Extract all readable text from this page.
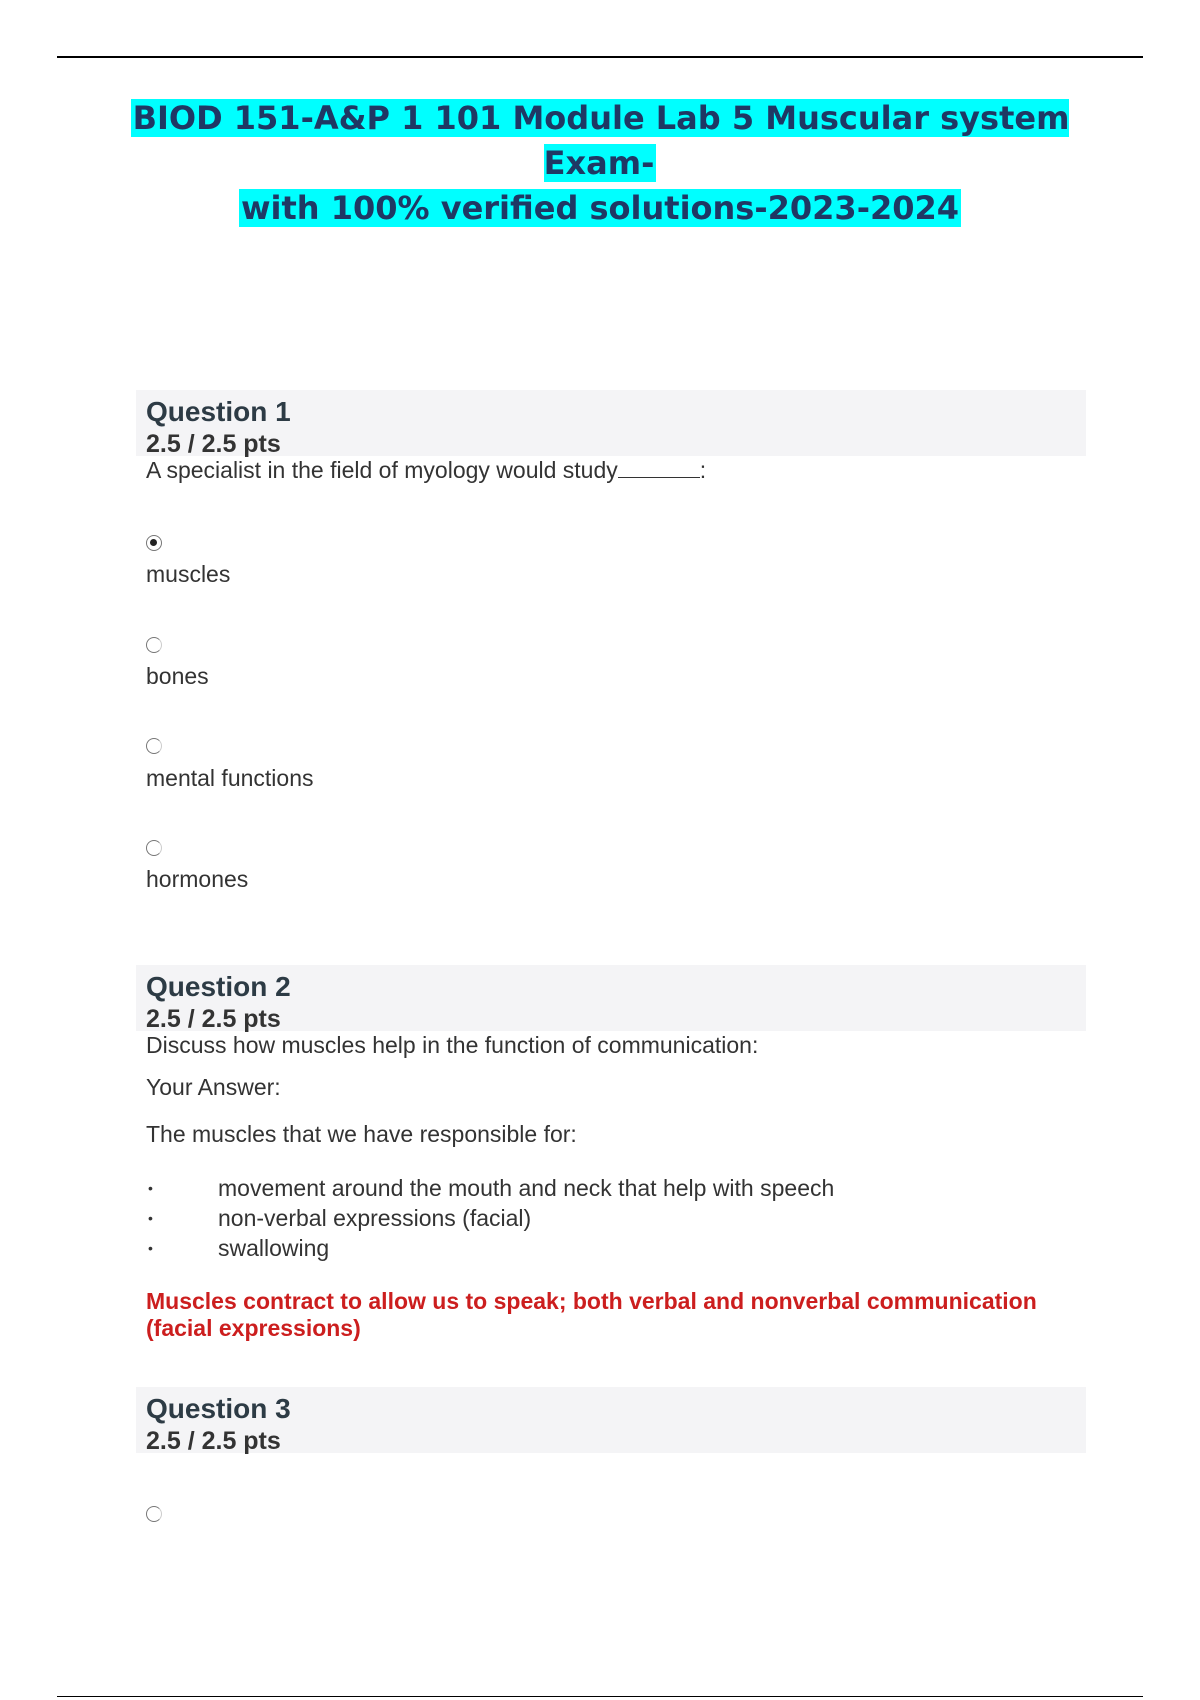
BIOD 151-A&P 1 101 Module Lab 5 Muscular system Exam-
with 100% verified solutions-2023-2024
Question 1
2.5 / 2.5 pts
A specialist in the field of myology would study	:
muscles
bones
mental functions
hormones
Question 2
2.5 / 2.5 pts
Discuss how muscles help in the function of communication:
Your Answer:
The muscles that we have responsible for:
• movement around the mouth and neck that help with speech
• non-verbal expressions (facial)
• swallowing
Muscles contract to allow us to speak; both verbal and nonverbal communication (facial expressions)
Question 3
2.5 / 2.5 pts
